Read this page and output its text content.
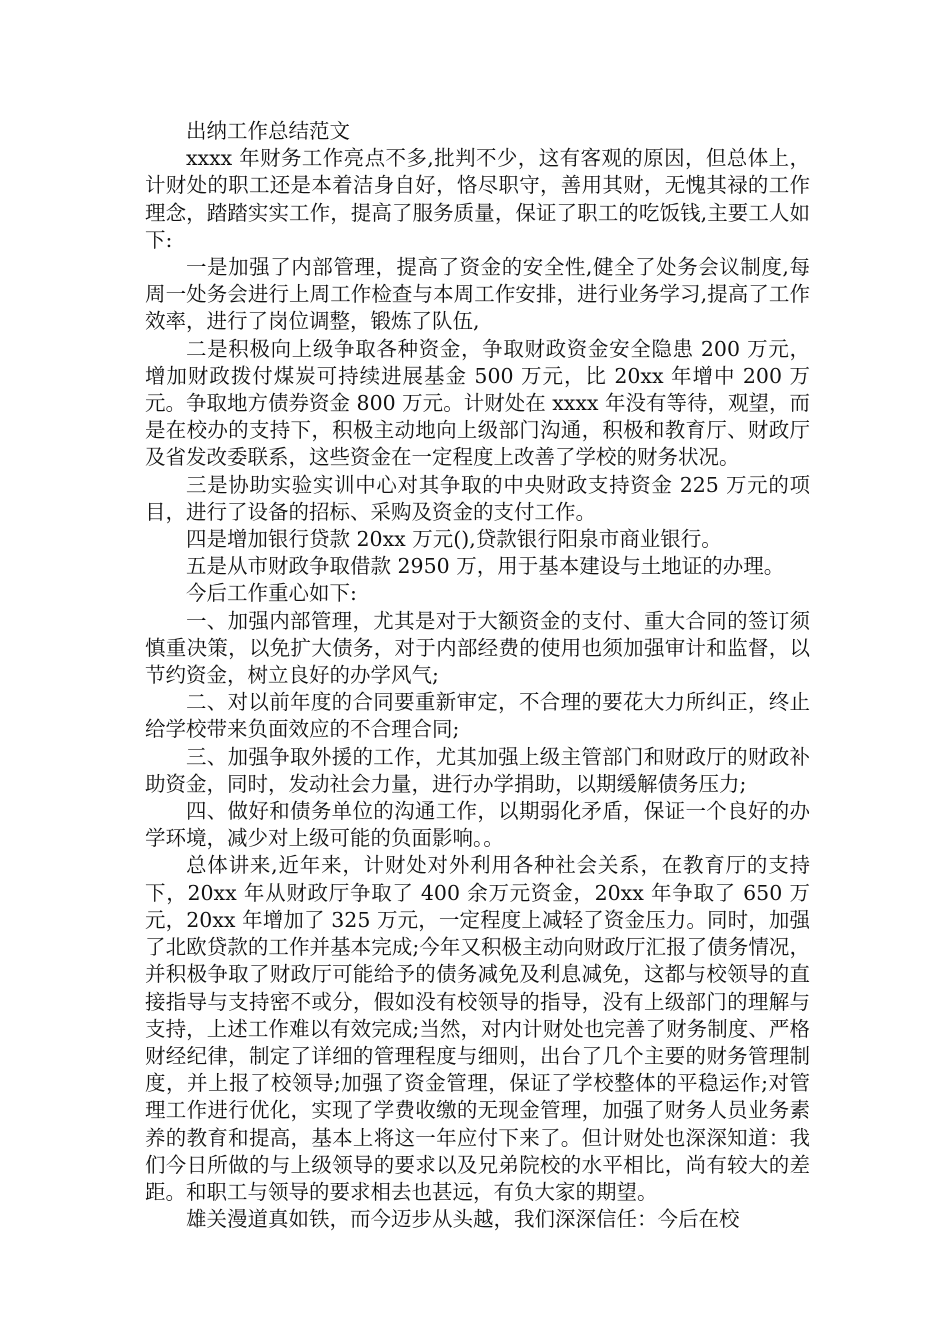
出纳工作总结范文

xxxx 年财务工作亮点不多,批判不少，这有客观的原因，但总体上，计财处的职工还是本着洁身自好，恪尽职守，善用其财，无愧其禄的工作理念，踏踏实实工作，提高了服务质量，保证了职工的吃饭钱,主要工人如下:

一是加强了内部管理，提高了资金的安全性,健全了处务会议制度,每周一处务会进行上周工作检查与本周工作安排，进行业务学习,提高了工作效率，进行了岗位调整，锻炼了队伍,

二是积极向上级争取各种资金，争取财政资金安全隐患 200 万元，增加财政拨付煤炭可持续进展基金 500 万元，比 20xx 年增中 200 万元。争取地方债券资金 800 万元。计财处在 xxxx 年没有等待，观望，而是在校办的支持下，积极主动地向上级部门沟通，积极和教育厅、财政厅及省发改委联系，这些资金在一定程度上改善了学校的财务状况。

三是协助实验实训中心对其争取的中央财政支持资金 225 万元的项目，进行了设备的招标、采购及资金的支付工作。

四是增加银行贷款 20xx 万元(),贷款银行阳泉市商业银行。

五是从市财政争取借款 2950 万，用于基本建设与土地证的办理。

今后工作重心如下:

一、加强内部管理，尤其是对于大额资金的支付、重大合同的签订须慎重决策，以免扩大债务，对于内部经费的使用也须加强审计和监督，以节约资金，树立良好的办学风气;

二、对以前年度的合同要重新审定，不合理的要花大力所纠正，终止给学校带来负面效应的不合理合同;

三、加强争取外援的工作，尤其加强上级主管部门和财政厅的财政补助资金，同时，发动社会力量，进行办学捐助，以期缓解债务压力;

四、做好和债务单位的沟通工作，以期弱化矛盾，保证一个良好的办学环境，减少对上级可能的负面影响。。

总体讲来,近年来，计财处对外利用各种社会关系，在教育厅的支持下，20xx 年从财政厅争取了 400 余万元资金，20xx 年争取了 650 万元，20xx 年增加了 325 万元，一定程度上减轻了资金压力。同时，加强了北欧贷款的工作并基本完成;今年又积极主动向财政厅汇报了债务情况，并积极争取了财政厅可能给予的债务减免及利息减免，这都与校领导的直接指导与支持密不或分，假如没有校领导的指导，没有上级部门的理解与支持，上述工作难以有效完成;当然，对内计财处也完善了财务制度、严格财经纪律，制定了详细的管理程度与细则，出台了几个主要的财务管理制度，并上报了校领导;加强了资金管理，保证了学校整体的平稳运作;对管理工作进行优化，实现了学费收缴的无现金管理，加强了财务人员业务素养的教育和提高，基本上将这一年应付下来了。但计财处也深深知道：我们今日所做的与上级领导的要求以及兄弟院校的水平相比，尚有较大的差距。和职工与领导的要求相去也甚远，有负大家的期望。

雄关漫道真如铁，而今迈步从头越，我们深深信任：今后在校
